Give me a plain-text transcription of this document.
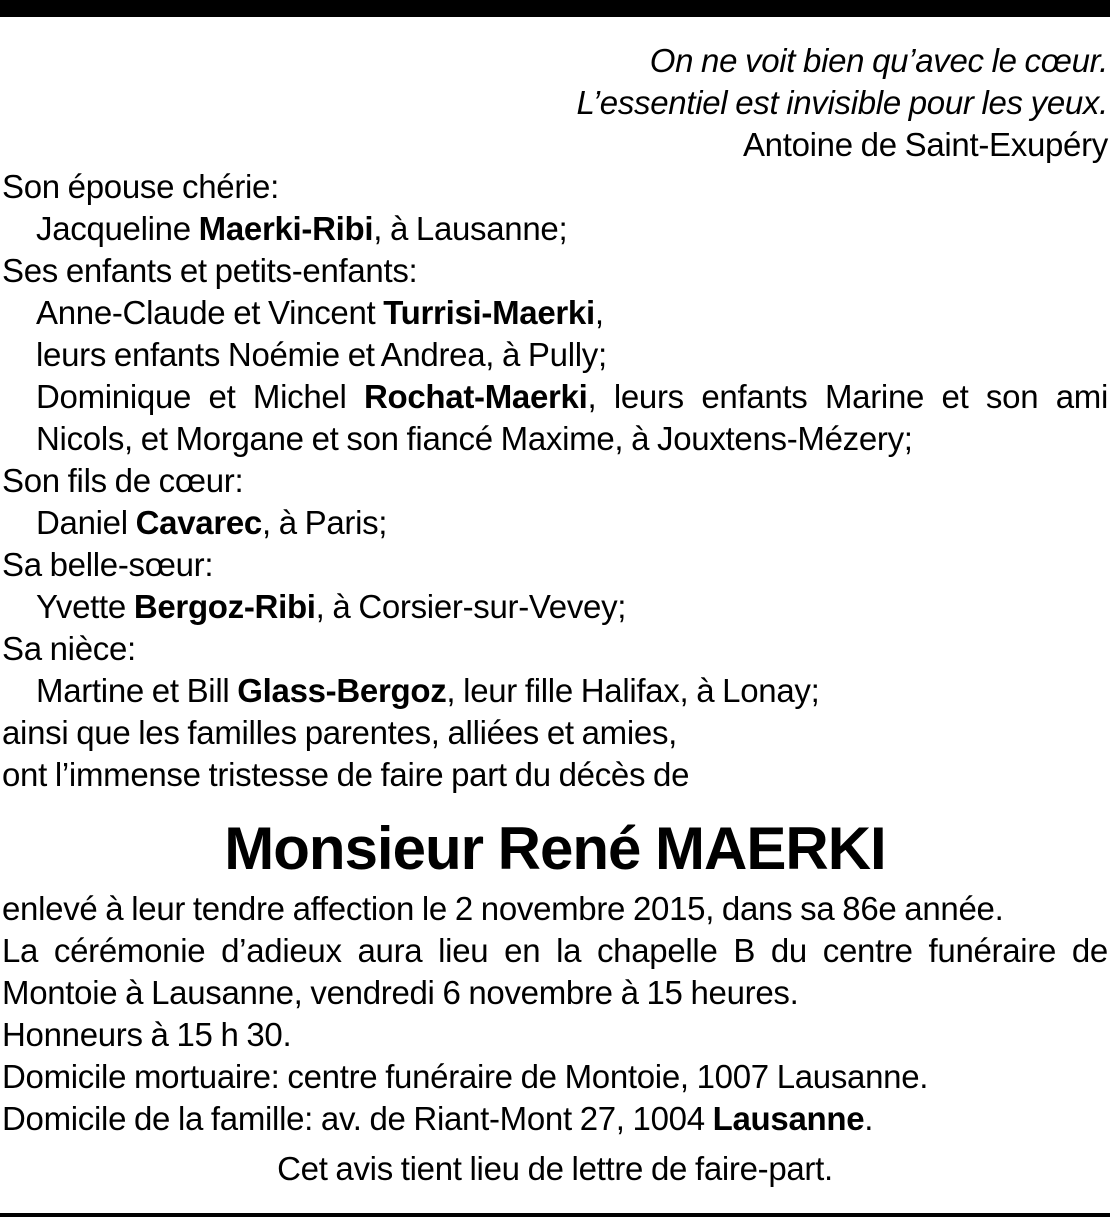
On ne voit bien qu’avec le cœur.
L’essentiel est invisible pour les yeux.
Antoine de Saint-Exupéry
Son épouse chérie:
Jacqueline Maerki-Ribi, à Lausanne;
Ses enfants et petits-enfants:
Anne-Claude et Vincent Turrisi-Maerki,
leurs enfants Noémie et Andrea, à Pully;
Dominique et Michel Rochat-Maerki, leurs enfants Marine et son ami
Nicols, et Morgane et son fiancé Maxime, à Jouxtens-Mézery;
Son fils de cœur:
Daniel Cavarec, à Paris;
Sa belle-sœur:
Yvette Bergoz-Ribi, à Corsier-sur-Vevey;
Sa nièce:
Martine et Bill Glass-Bergoz, leur fille Halifax, à Lonay;
ainsi que les familles parentes, alliées et amies,
ont l’immense tristesse de faire part du décès de
Monsieur René MAERKI
enlevé à leur tendre affection le 2 novembre 2015, dans sa 86e année.
La cérémonie d’adieux aura lieu en la chapelle B du centre funéraire de
Montoie à Lausanne, vendredi 6 novembre à 15 heures.
Honneurs à 15 h 30.
Domicile mortuaire: centre funéraire de Montoie, 1007 Lausanne.
Domicile de la famille: av. de Riant-Mont 27, 1004 Lausanne.
Cet avis tient lieu de lettre de faire-part.
